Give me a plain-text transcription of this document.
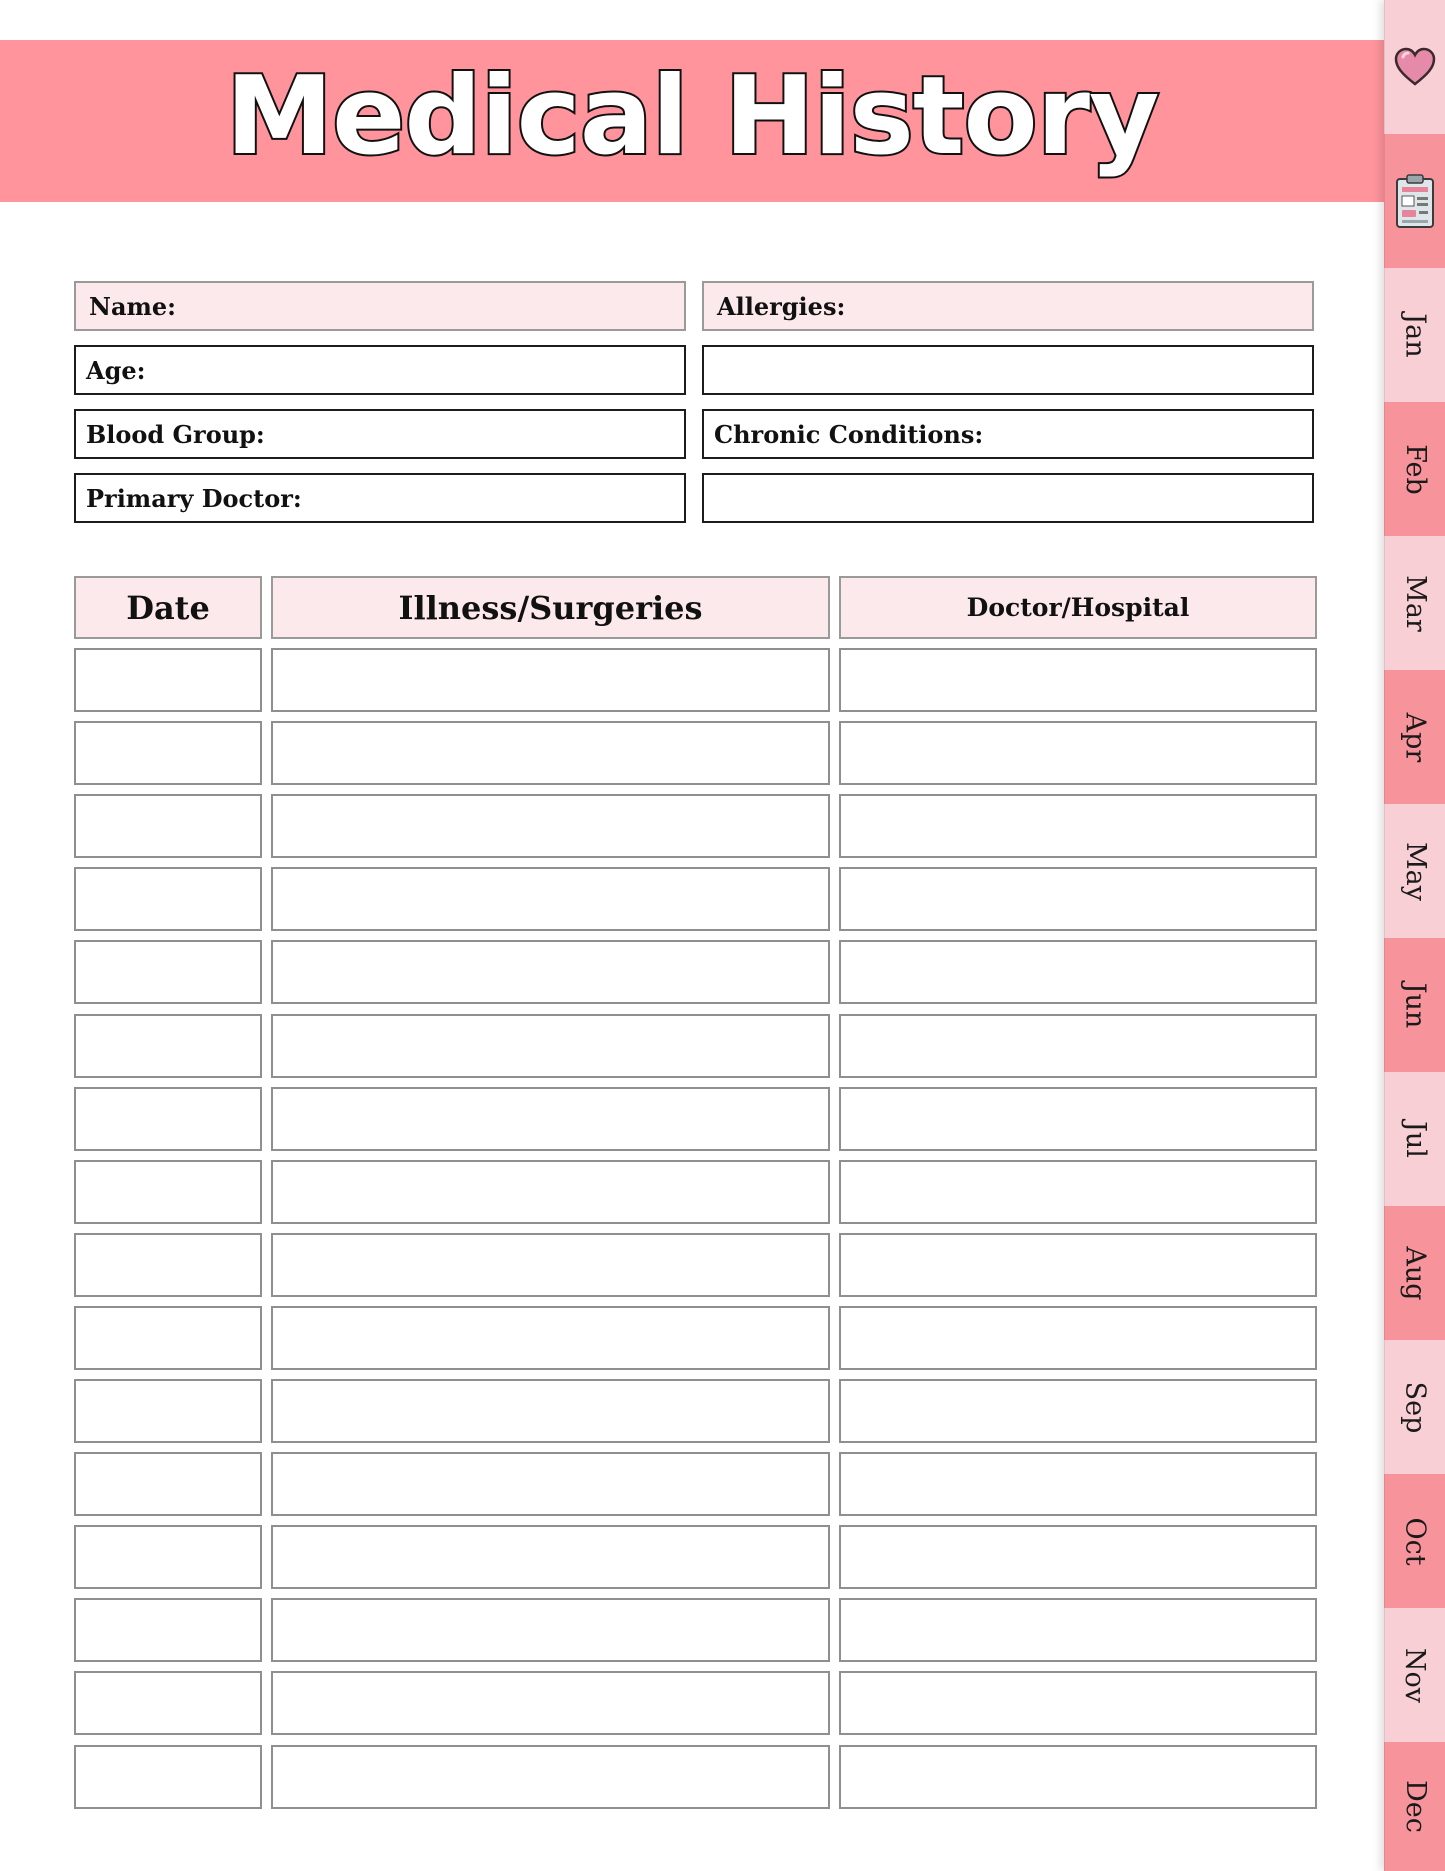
Medical History
Jan
Feb
Mar
Apr
May
Jun
Jul
Aug
Sep
Oct
Nov
Dec
Name:
Age:
Blood Group:
Primary Doctor:
Allergies:
Chronic Conditions:
Date	Illness/Surgeries	Doctor/Hospital
